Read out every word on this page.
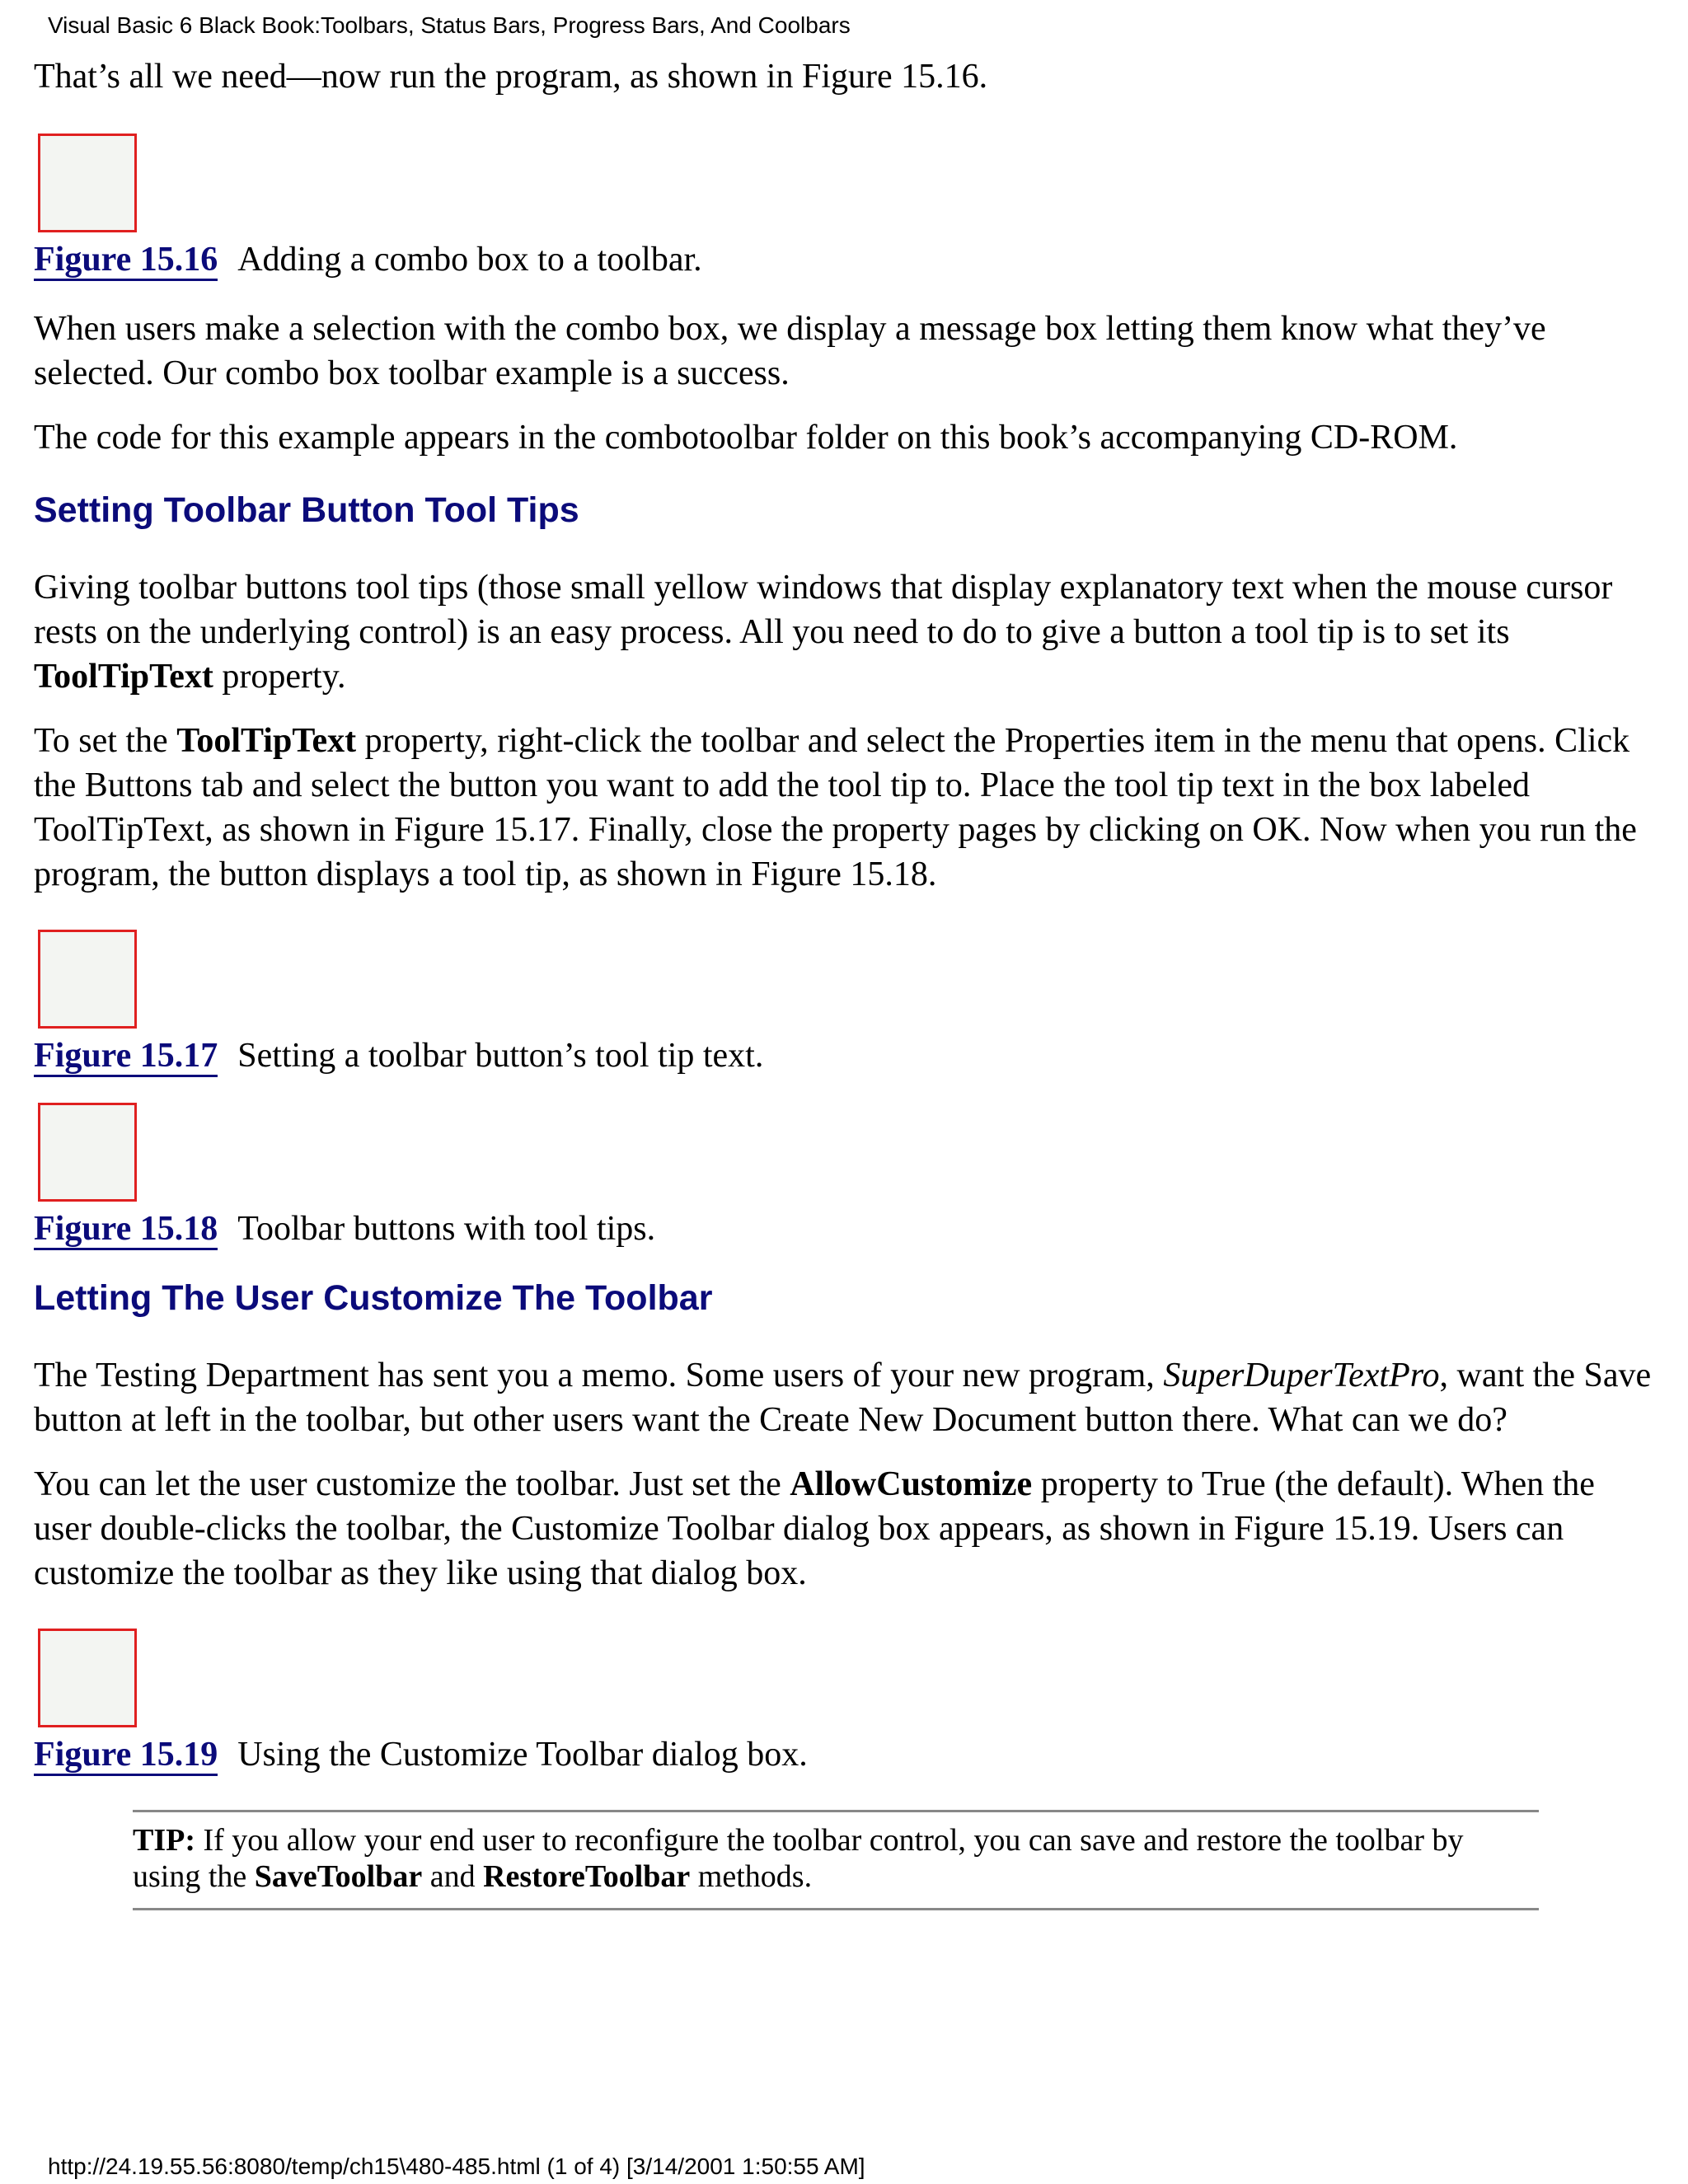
Visual Basic 6 Black Book:Toolbars, Status Bars, Progress Bars, And Coolbars

That’s all we need—now run the program, as shown in Figure 15.16.

Figure 15.16 Adding a combo box to a toolbar.

When users make a selection with the combo box, we display a message box letting them know what they’ve selected. Our combo box toolbar example is a success.

The code for this example appears in the combotoolbar folder on this book’s accompanying CD-ROM.

Setting Toolbar Button Tool Tips

Giving toolbar buttons tool tips (those small yellow windows that display explanatory text when the mouse cursor rests on the underlying control) is an easy process. All you need to do to give a button a tool tip is to set its ToolTipText property.

To set the ToolTipText property, right-click the toolbar and select the Properties item in the menu that opens. Click the Buttons tab and select the button you want to add the tool tip to. Place the tool tip text in the box labeled ToolTipText, as shown in Figure 15.17. Finally, close the property pages by clicking on OK. Now when you run the program, the button displays a tool tip, as shown in Figure 15.18.

Figure 15.17 Setting a toolbar button’s tool tip text.
Figure 15.18 Toolbar buttons with tool tips.
Letting The User Customize The Toolbar

The Testing Department has sent you a memo. Some users of your new program, SuperDuperTextPro, want the Save button at left in the toolbar, but other users want the Create New Document button there. What can we do?

You can let the user customize the toolbar. Just set the AllowCustomize property to True (the default). When the user double-clicks the toolbar, the Customize Toolbar dialog box appears, as shown in Figure 15.19. Users can customize the toolbar as they like using that dialog box.

Figure 15.19 Using the Customize Toolbar dialog box.
TIP: If you allow your end user to reconfigure the toolbar control, you can save and restore the toolbar by using the SaveToolbar and RestoreToolbar methods.
http://24.19.55.56:8080/temp/ch15\480-485.html (1 of 4) [3/14/2001 1:50:55 AM]
